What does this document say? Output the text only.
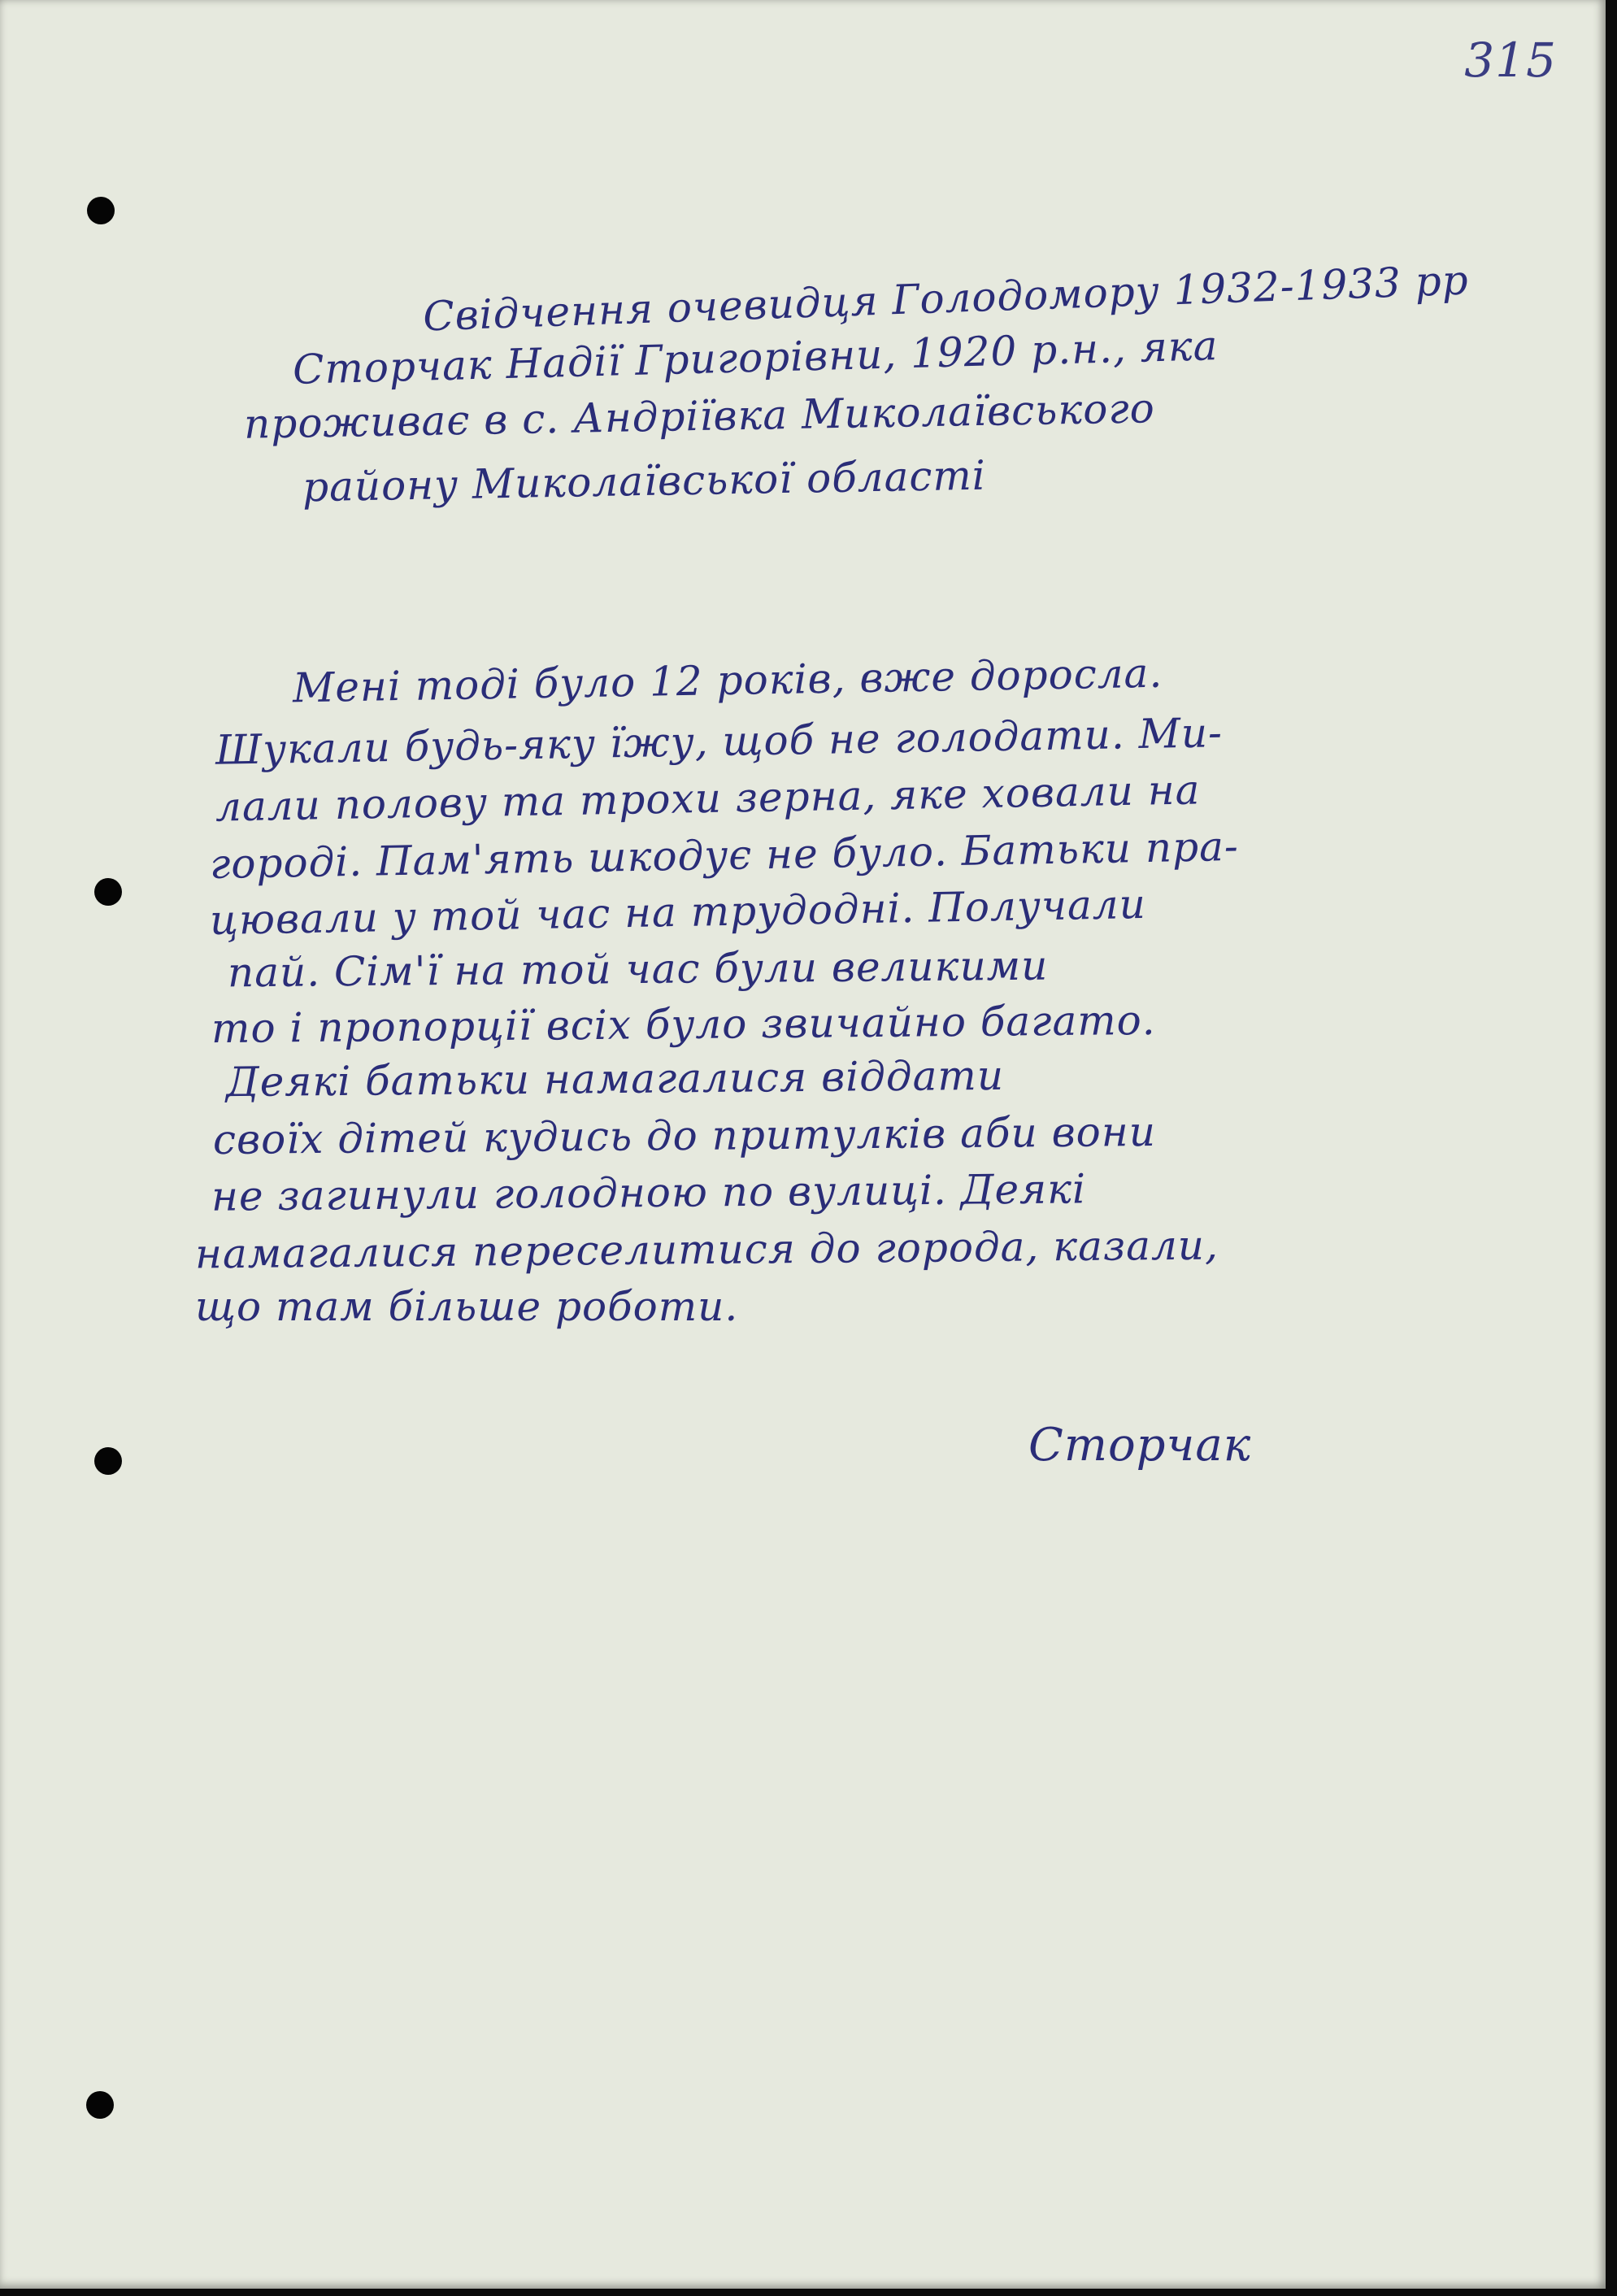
315
Свідчення очевидця Голодомору 1932-1933 рр
Сторчак Надії Григорівни, 1920 р.н., яка
проживає в с. Андріївка Миколаївського
району Миколаївської області
Мені тоді було 12 років, вже доросла.
Шукали будь-яку їжу, щоб не голодати. Ми-
лали полову та трохи зерна, яке ховали на
городі. Пам'ять шкодує не було. Батьки пра-
цювали у той час на трудодні. Получали
пай. Сім'ї на той час були великими
то і пропорції всіх було звичайно багато.
Деякі батьки намагалися віддати
своїх дітей кудись до притулків аби вони
не загинули голодною по вулиці. Деякі
намагалися переселитися до города, казали,
що там більше роботи.
Сторчак
